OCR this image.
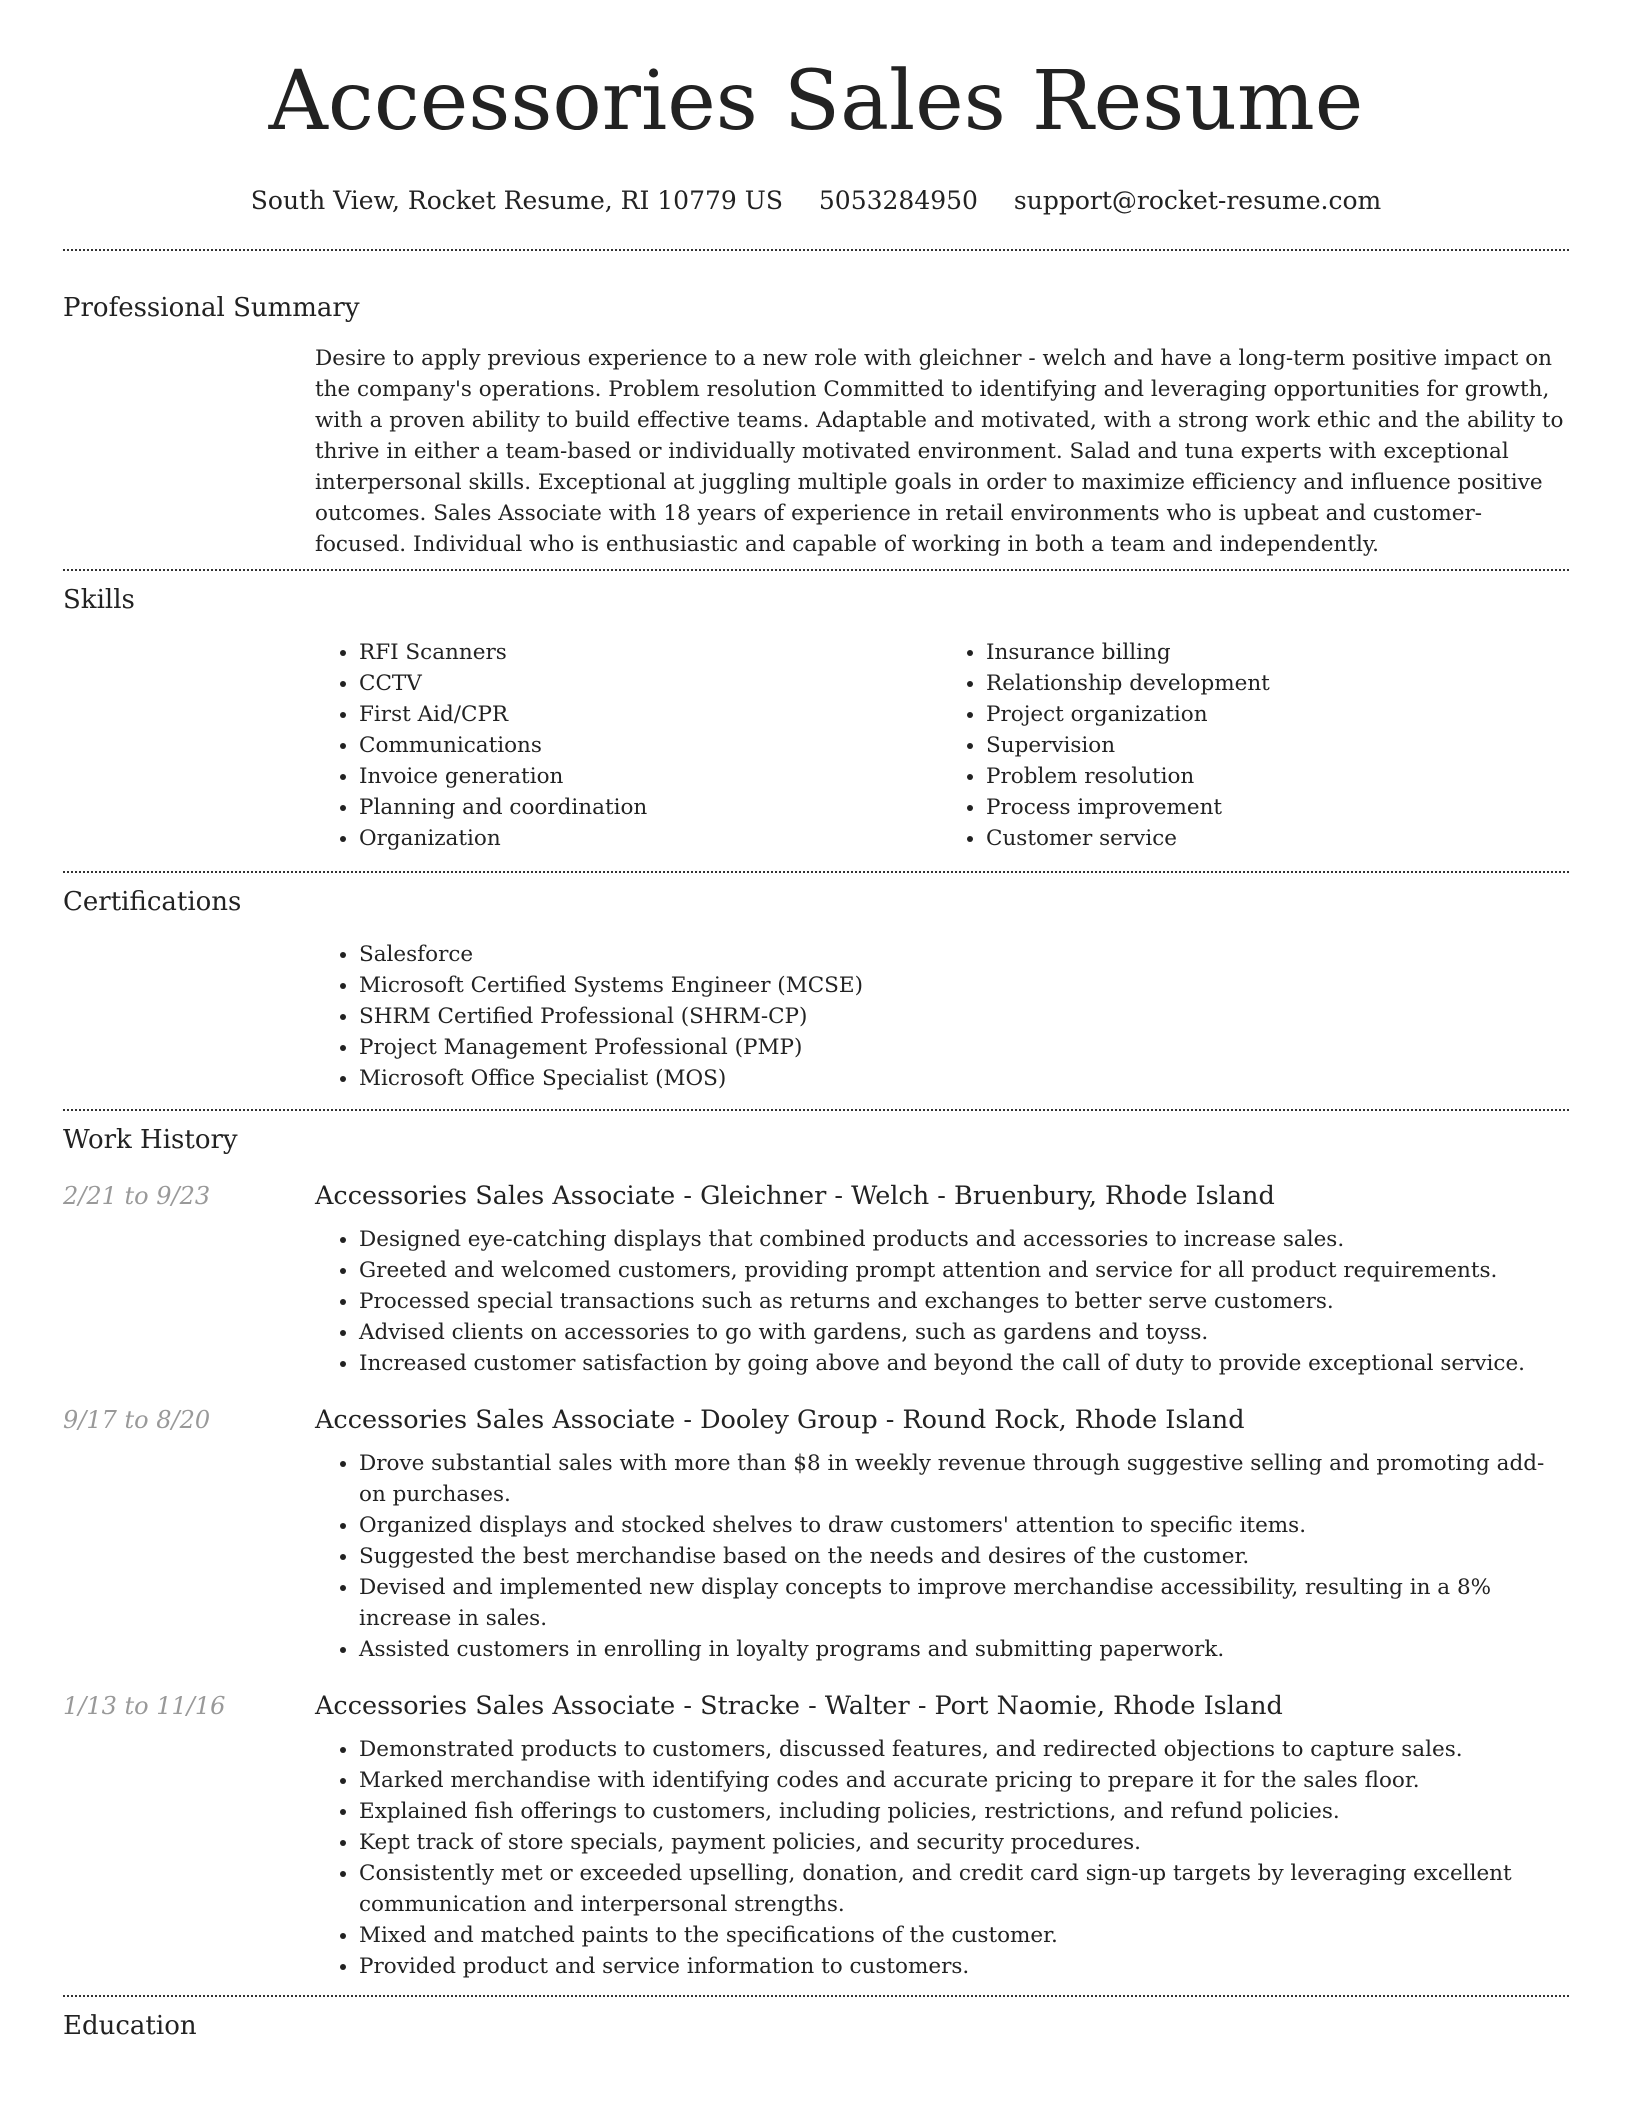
Accessories Sales Resume
South View, Rocket Resume, RI 10779 US 5053284950 support@rocket-resume.com
Professional Summary

Desire to apply previous experience to a new role with gleichner - welch and have a long-term positive impact on the company's operations. Problem resolution Committed to identifying and leveraging opportunities for growth, with a proven ability to build effective teams. Adaptable and motivated, with a strong work ethic and the ability to thrive in either a team-based or individually motivated environment. Salad and tuna experts with exceptional interpersonal skills. Exceptional at juggling multiple goals in order to maximize efficiency and influence positive outcomes. Sales Associate with 18 years of experience in retail environments who is upbeat and customer-focused. Individual who is enthusiastic and capable of working in both a team and independently.

Skills
• RFI Scanners
• CCTV
• First Aid/CPR
• Communications
• Invoice generation
• Planning and coordination
• Organization
• Insurance billing
• Relationship development
• Project organization
• Supervision
• Problem resolution
• Process improvement
• Customer service
Certifications
• Salesforce
• Microsoft Certified Systems Engineer (MCSE)
• SHRM Certified Professional (SHRM-CP)
• Project Management Professional (PMP)
• Microsoft Office Specialist (MOS)
Work History
2/21 to 9/23	Accessories Sales Associate - Gleichner - Welch - Bruenbury, Rhode Island
• Designed eye-catching displays that combined products and accessories to increase sales.
• Greeted and welcomed customers, providing prompt attention and service for all product requirements.
• Processed special transactions such as returns and exchanges to better serve customers.
• Advised clients on accessories to go with gardens, such as gardens and toyss.
• Increased customer satisfaction by going above and beyond the call of duty to provide exceptional service.
9/17 to 8/20	Accessories Sales Associate - Dooley Group - Round Rock, Rhode Island
• Drove substantial sales with more than $8 in weekly revenue through suggestive selling and promoting add-on purchases.
• Organized displays and stocked shelves to draw customers' attention to specific items.
• Suggested the best merchandise based on the needs and desires of the customer.
• Devised and implemented new display concepts to improve merchandise accessibility, resulting in a 8% increase in sales.
• Assisted customers in enrolling in loyalty programs and submitting paperwork.
1/13 to 11/16	Accessories Sales Associate - Stracke - Walter - Port Naomie, Rhode Island
• Demonstrated products to customers, discussed features, and redirected objections to capture sales.
• Marked merchandise with identifying codes and accurate pricing to prepare it for the sales floor.
• Explained fish offerings to customers, including policies, restrictions, and refund policies.
• Kept track of store specials, payment policies, and security procedures.
• Consistently met or exceeded upselling, donation, and credit card sign-up targets by leveraging excellent communication and interpersonal strengths.
• Mixed and matched paints to the specifications of the customer.
• Provided product and service information to customers.
Education
